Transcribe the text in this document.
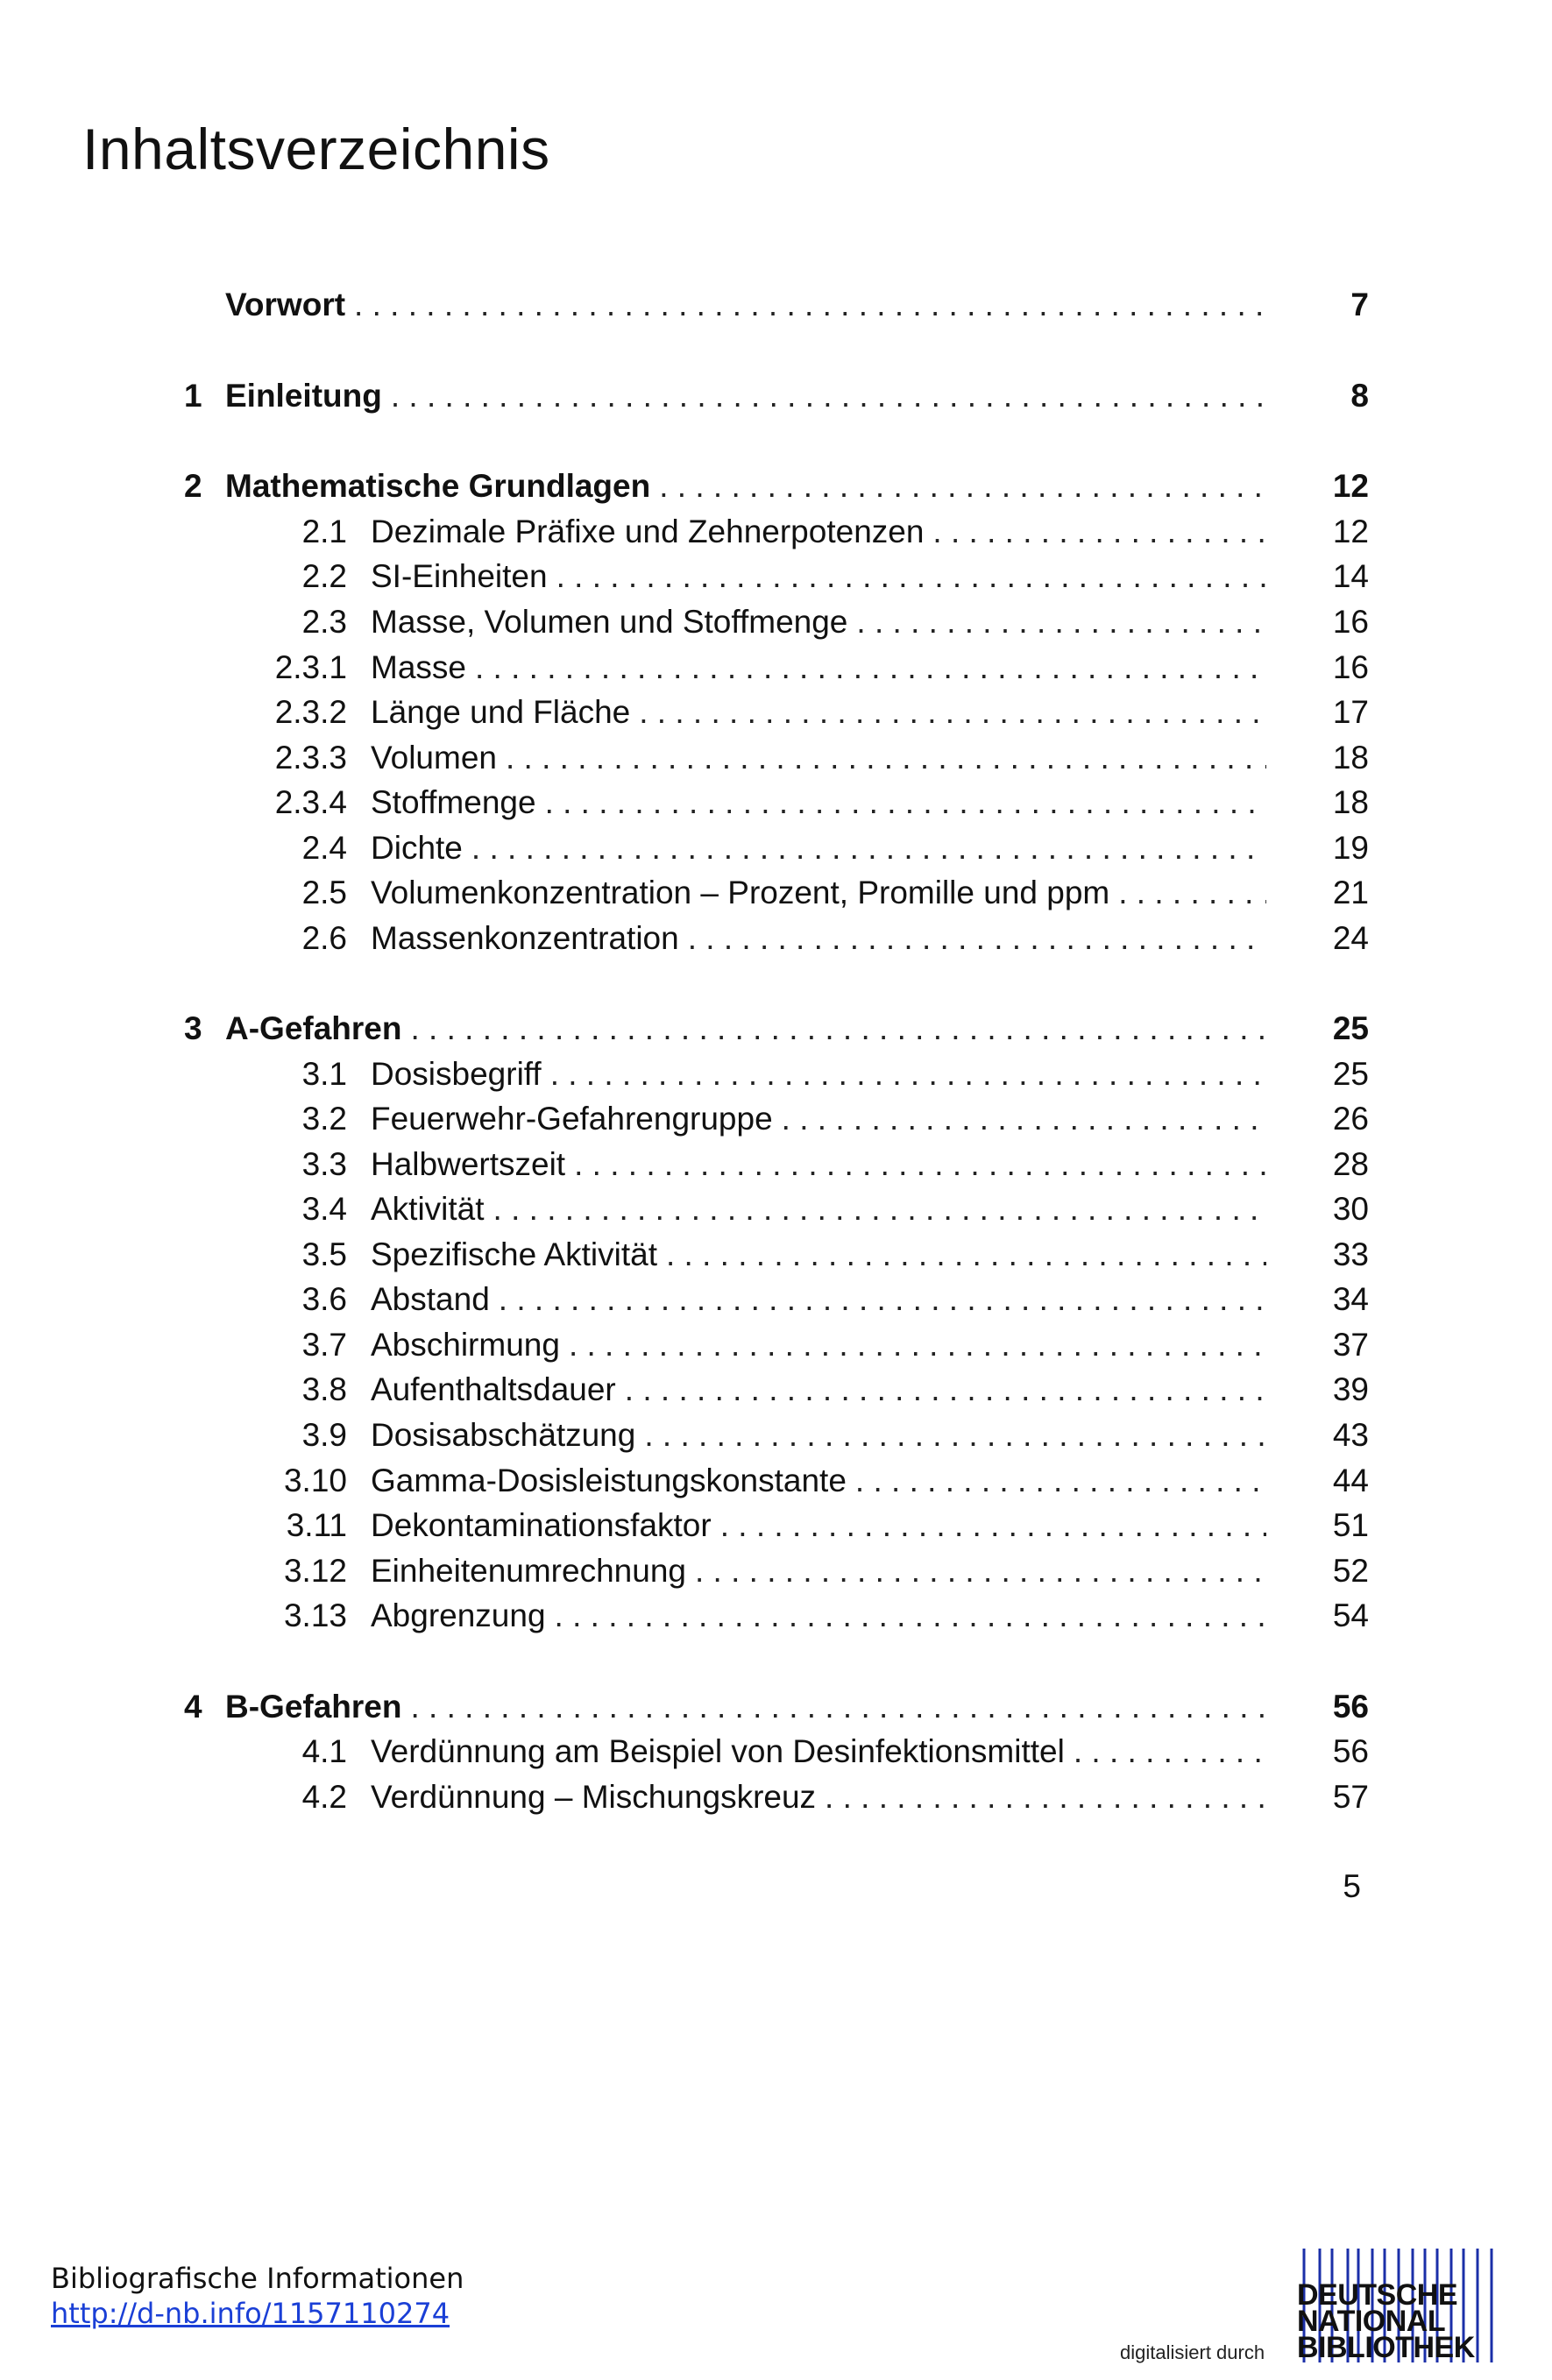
Inhaltsverzeichnis
Vorwort . . .	7
1 Einleitung . . .	8
2 Mathematische Grundlagen . . .	12
2.1 Dezimale Präfixe und Zehnerpotenzen . . .	12
2.2 SI-Einheiten . . .	14
2.3 Masse, Volumen und Stoffmenge . . .	16
2.3.1 Masse . . .	16
2.3.2 Länge und Fläche . . .	17
2.3.3 Volumen . . .	18
2.3.4 Stoffmenge . . .	18
2.4 Dichte . . .	19
2.5 Volumenkonzentration – Prozent, Promille und ppm . . .	21
2.6 Massenkonzentration . . .	24
3 A-Gefahren . . .	25
3.1 Dosisbegriff . . .	25
3.2 Feuerwehr-Gefahrengruppe . . .	26
3.3 Halbwertszeit . . .	28
3.4 Aktivität . . .	30
3.5 Spezifische Aktivität . . .	33
3.6 Abstand . . .	34
3.7 Abschirmung . . .	37
3.8 Aufenthaltsdauer . . .	39
3.9 Dosisabschätzung . . .	43
3.10 Gamma-Dosisleistungskonstante . . .	44
3.11 Dekontaminationsfaktor . . .	51
3.12 Einheitenumrechnung . . .	52
3.13 Abgrenzung . . .	54
4 B-Gefahren . . .	56
4.1 Verdünnung am Beispiel von Desinfektionsmittel . . .	56
4.2 Verdünnung – Mischungskreuz . . .	57
5
Bibliografische Informationen
http://d-nb.info/1157110274
digitalisiert durch
DEUTSCHE
NATIONAL
BIBLIOTHEK
